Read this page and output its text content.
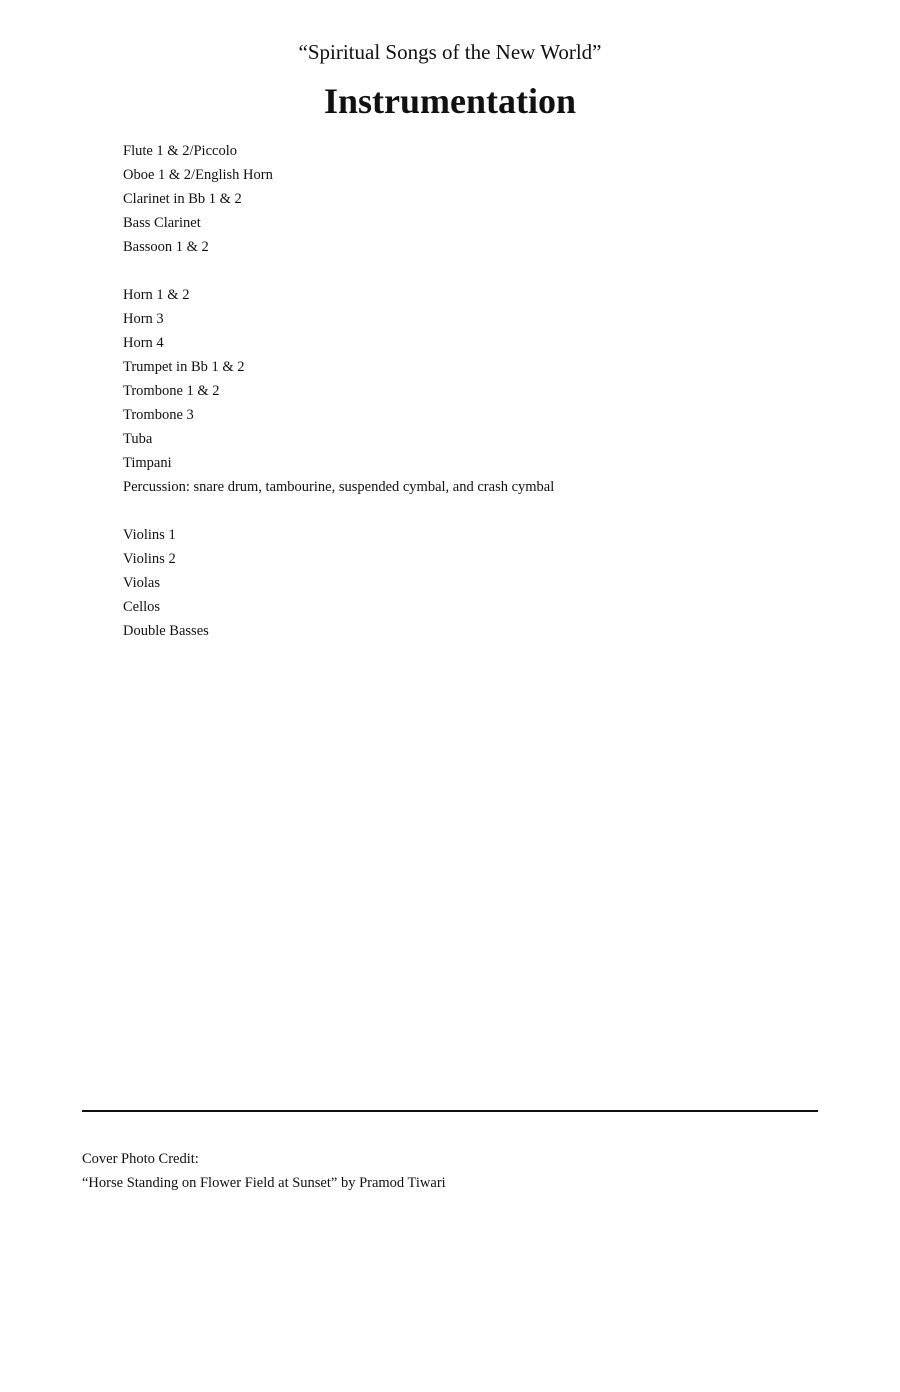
“Spiritual Songs of the New World”
Instrumentation
Flute 1 & 2/Piccolo
Oboe 1 & 2/English Horn
Clarinet in Bb 1 & 2
Bass Clarinet
Bassoon 1 & 2
Horn 1 & 2
Horn 3
Horn 4
Trumpet in Bb 1 & 2
Trombone 1 & 2
Trombone 3
Tuba
Timpani
Percussion: snare drum, tambourine, suspended cymbal, and crash cymbal
Violins 1
Violins 2
Violas
Cellos
Double Basses
Cover Photo Credit:
“Horse Standing on Flower Field at Sunset” by Pramod Tiwari
